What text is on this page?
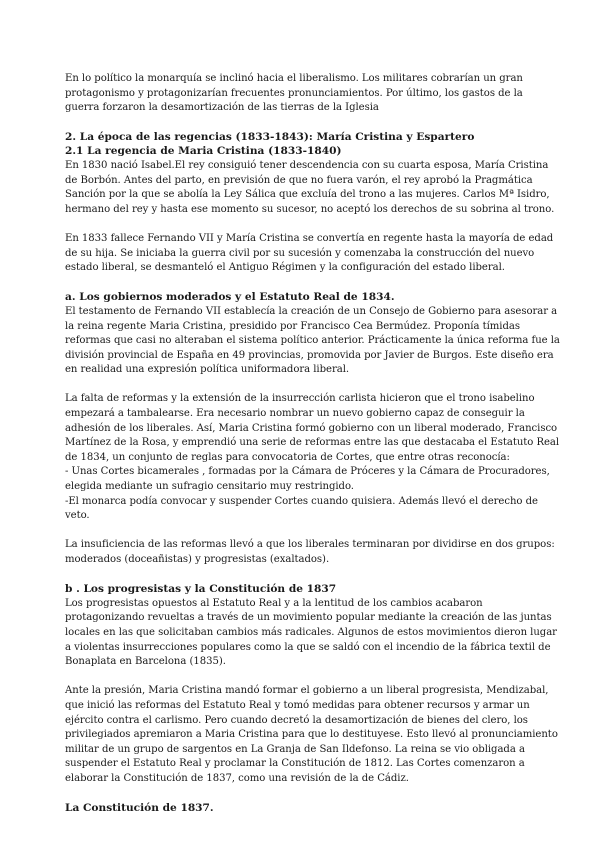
En lo político la monarquía se inclinó hacia el liberalismo. Los militares cobrarían un gran protagonismo y protagonizarían frecuentes pronunciamientos. Por último, los gastos de la guerra forzaron la desamortización de las tierras de la Iglesia

2. La época de las regencias (1833-1843): María Cristina y Espartero
2.1 La regencia de Maria Cristina (1833-1840)

En 1830 nació Isabel.El rey consiguió tener descendencia con su cuarta esposa, María Cristina de Borbón. Antes del parto, en previsión de que no fuera varón, el rey aprobó la Pragmática Sanción por la que se abolía la Ley Sálica que excluía del trono a las mujeres. Carlos Mª Isidro, hermano del rey y hasta ese momento su sucesor, no aceptó los derechos de su sobrina al trono.

En 1833 fallece Fernando VII y María Cristina se convertía en regente hasta la mayoría de edad de su hija. Se iniciaba la guerra civil por su sucesión y comenzaba la construcción del nuevo estado liberal, se desmanteló el Antiguo Régimen y la configuración del estado liberal.

a. Los gobiernos moderados y el Estatuto Real de 1834.

El testamento de Fernando VII establecía la creación de un Consejo de Gobierno para asesorar a la reina regente Maria Cristina, presidido por Francisco Cea Bermúdez. Proponía tímidas reformas que casi no alteraban el sistema político anterior. Prácticamente la única reforma fue la división provincial de España en 49 provincias, promovida por Javier de Burgos. Este diseño era en realidad una expresión política uniformadora liberal.

La falta de reformas y la extensión de la insurrección carlista hicieron que el trono isabelino empezará a tambalearse. Era necesario nombrar un nuevo gobierno capaz de conseguir la adhesión de los liberales. Así, Maria Cristina formó gobierno con un liberal moderado, Francisco Martínez de la Rosa, y emprendió una serie de reformas entre las que destacaba el Estatuto Real de 1834, un conjunto de reglas para convocatoria de Cortes, que entre otras reconocía:

- Unas Cortes bicamerales , formadas por la Cámara de Próceres y la Cámara de Procuradores, elegida mediante un sufragio censitario muy restringido.

-El monarca podía convocar y suspender Cortes cuando quisiera. Además llevó el derecho de veto.

La insuficiencia de las reformas llevó a que los liberales terminaran por dividirse en dos grupos: moderados (doceañistas) y progresistas (exaltados).

b . Los progresistas y la Constitución de 1837

Los progresistas opuestos al Estatuto Real y a la lentitud de los cambios acabaron protagonizando revueltas a través de un movimiento popular mediante la creación de las juntas locales en las que solicitaban cambios más radicales. Algunos de estos movimientos dieron lugar a violentas insurrecciones populares como la que se saldó con el incendio de la fábrica textil de Bonaplata en Barcelona (1835).

Ante la presión, Maria Cristina mandó formar el gobierno a un liberal progresista, Mendizabal, que inició las reformas del Estatuto Real y tomó medidas para obtener recursos y armar un ejército contra el carlismo. Pero cuando decretó la desamortización de bienes del clero, los privilegiados apremiaron a Maria Cristina para que lo destituyese. Esto llevó al pronunciamiento militar de un grupo de sargentos en La Granja de San Ildefonso. La reina se vio obligada a suspender el Estatuto Real y proclamar la Constitución de 1812. Las Cortes comenzaron a elaborar la Constitución de 1837, como una revisión de la de Cádiz.

La Constitución de 1837.
